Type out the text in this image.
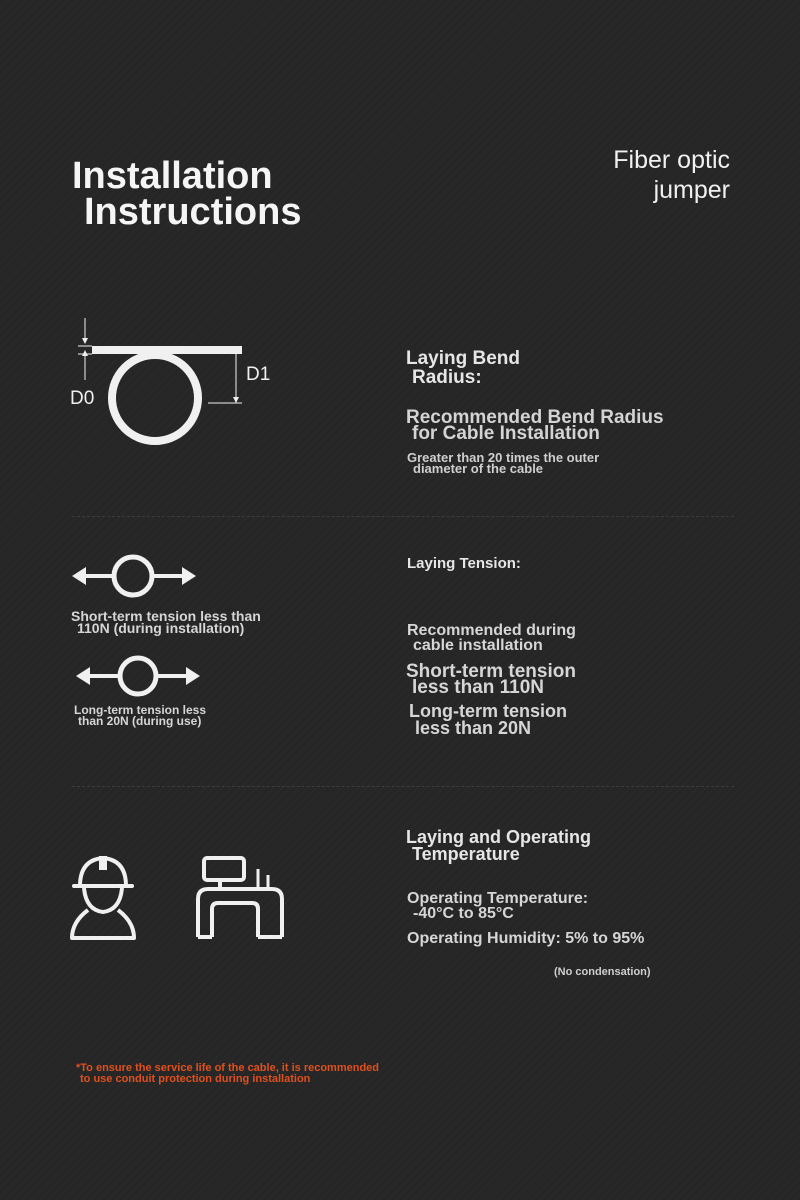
Installation
Instructions
Fiber optic
jumper
D0
D1
Laying Bend
Radius:
Recommended Bend Radius
for Cable Installation
Greater than 20 times the outer
diameter of the cable
Short-term tension less than
110N (during installation)
Long-term tension less
than 20N (during use)
Laying Tension:
Recommended during
cable installation
Short-term tension
less than 110N
Long-term tension
less than 20N
Laying and Operating
Temperature
Operating Temperature:
-40°C to 85°C
Operating Humidity: 5% to 95%
(No condensation)
*To ensure the service life of the cable, it is recommended
to use conduit protection during installation
